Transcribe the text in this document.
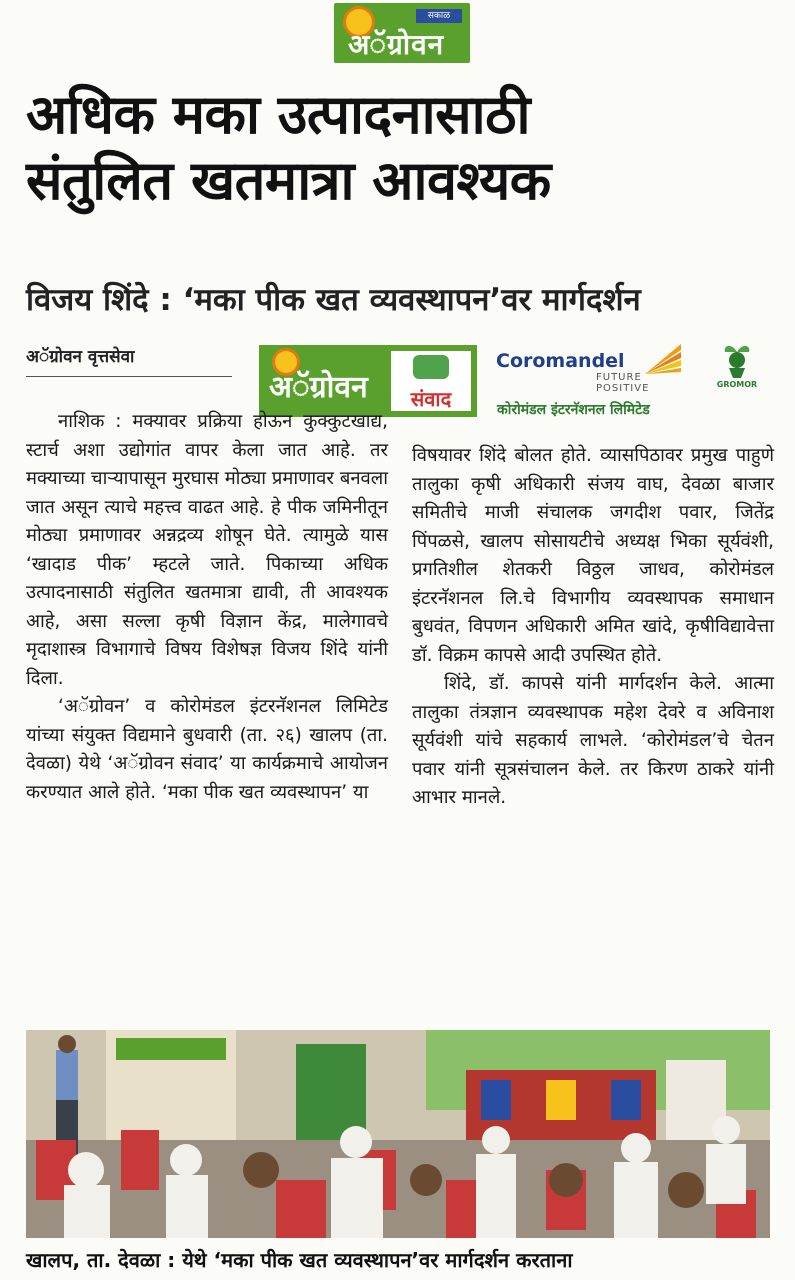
सकाळ
अॅग्रोवन
अधिक मका उत्पादनासाठी
संतुलित खतमात्रा आवश्यक
विजय शिंदे : ‘मका पीक खत व्यवस्थापन’वर मार्गदर्शन
अॅग्रोवन वृत्तसेवा
अॅग्रोवन	संवाद
Coromandel
FUTURE POSITIVE
कोरोमंडल इंटरनॅशनल लिमिटेड
GROMOR

नाशिक : मक्यावर प्रक्रिया होऊन कुक्कुटखाद्य, स्टार्च अशा उद्योगांत वापर केला जात आहे. तर मक्याच्या चाऱ्यापासून मुरघास मोठ्या प्रमाणावर बनवला जात असून त्याचे महत्त्व वाढत आहे. हे पीक जमिनीतून मोठ्या प्रमाणावर अन्नद्रव्य शोषून घेते. त्यामुळे यास ‘खादाड पीक’ म्हटले जाते. पिकाच्या अधिक उत्पादनासाठी संतुलित खतमात्रा द्यावी, ती आवश्यक आहे, असा सल्ला कृषी विज्ञान केंद्र, मालेगावचे मृदाशास्त्र विभागाचे विषय विशेषज्ञ विजय शिंदे यांनी दिला.

‘अॅग्रोवन’ व कोरोमंडल इंटरनॅशनल लिमिटेड यांच्या संयुक्त विद्यमाने बुधवारी (ता. २६) खालप (ता. देवळा) येथे ‘अॅग्रोवन संवाद’ या कार्यक्रमाचे आयोजन करण्यात आले होते. ‘मका पीक खत व्यवस्थापन’ या

विषयावर शिंदे बोलत होते. व्यासपिठावर प्रमुख पाहुणे तालुका कृषी अधिकारी संजय वाघ, देवळा बाजार समितीचे माजी संचालक जगदीश पवार, जितेंद्र पिंपळसे, खालप सोसायटीचे अध्यक्ष भिका सूर्यवंशी, प्रगतिशील शेतकरी विठ्ठल जाधव, कोरोमंडल इंटरनॅशनल लि.चे विभागीय व्यवस्थापक समाधान बुधवंत, विपणन अधिकारी अमित खांदे, कृषीविद्यावेत्ता डॉ. विक्रम कापसे आदी उपस्थित होते.

शिंदे, डॉ. कापसे यांनी मार्गदर्शन केले. आत्मा तालुका तंत्रज्ञान व्यवस्थापक महेश देवरे व अविनाश सूर्यवंशी यांचे सहकार्य लाभले. ‘कोरोमंडल’चे चेतन पवार यांनी सूत्रसंचालन केले. तर किरण ठाकरे यांनी आभार मानले.

खालप, ता. देवळा : येथे ‘मका पीक खत व्यवस्थापन’वर मार्गदर्शन करताना
